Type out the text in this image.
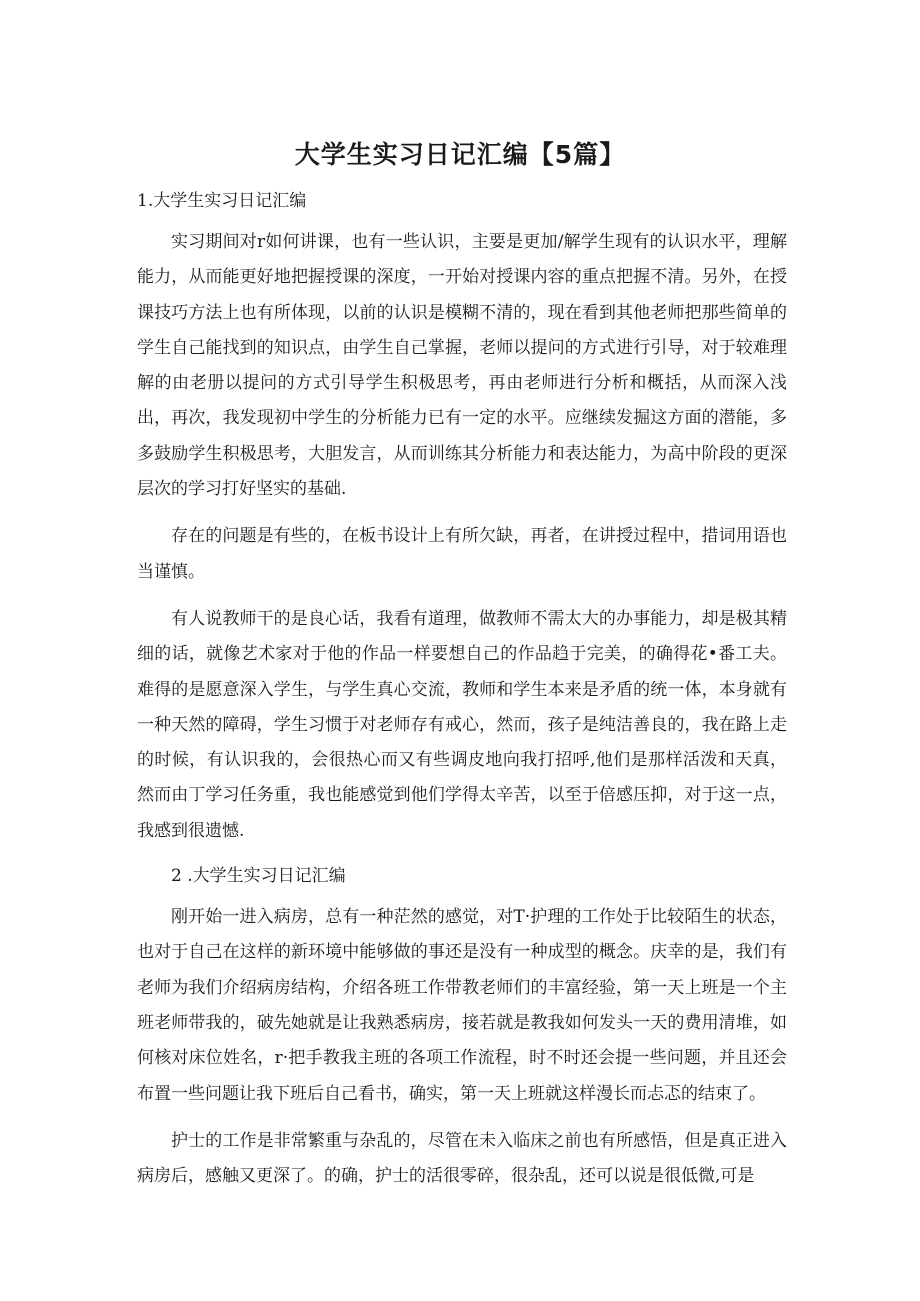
大学生实习日记汇编【5篇】
1.大学生实习日记汇编

实习期间对r如何讲课，也有一些认识，主要是更加/解学生现有的认识水平，理解能力，从而能更好地把握授课的深度，一开始对授课内容的重点把握不清。另外，在授课技巧方法上也有所体现，以前的认识是模糊不清的，现在看到其他老师把那些简单的学生自己能找到的知识点，由学生自己掌握，老师以提问的方式进行引导，对于较难理解的由老册以提问的方式引导学生积极思考，再由老师进行分析和概括，从而深入浅出，再次，我发现初中学生的分析能力已有一定的水平。应继续发掘这方面的潜能，多多鼓励学生积极思考，大胆发言，从而训练其分析能力和表达能力，为高中阶段的更深层次的学习打好坚实的基础.

存在的问题是有些的，在板书设计上有所欠缺，再者，在讲授过程中，措词用语也当谨慎。

有人说教师干的是良心话，我看有道理，做教师不需太大的办事能力，却是极其精细的话，就像艺术家对于他的作品一样要想自己的作品趋于完美，的确得花•番工夫。难得的是愿意深入学生，与学生真心交流，教师和学生本来是矛盾的统一体，本身就有一种天然的障碍，学生习惯于对老师存有戒心，然而，孩子是纯洁善良的，我在路上走的时候，有认识我的，会很热心而又有些调皮地向我打招呼,他们是那样活泼和天真，然而由丁学习任务重，我也能感觉到他们学得太辛苦，以至于倍感压抑，对于这一点，我感到很遗憾.

2 .大学生实习日记汇编

刚开始一进入病房，总有一种茫然的感觉，对T·护理的工作处于比较陌生的状态，也对于自己在这样的新环境中能够做的事还是没有一种成型的概念。庆幸的是，我们有老师为我们介绍病房结构，介绍各班工作带教老师们的丰富经验，第一天上班是一个主班老师带我的，破先她就是让我熟悉病房，接若就是教我如何发头一天的费用清堆，如何核对床位姓名，r·把手教我主班的各项工作流程，时不时还会提一些问题，并且还会布置一些问题让我下班后自己看书，确实，第一天上班就这样漫长而忐忑的结束了。

护士的工作是非常繁重与杂乱的，尽管在未入临床之前也有所感悟，但是真正进入病房后，感触又更深了。的确，护士的活很零碎，很杂乱，还可以说是很低微,可是
